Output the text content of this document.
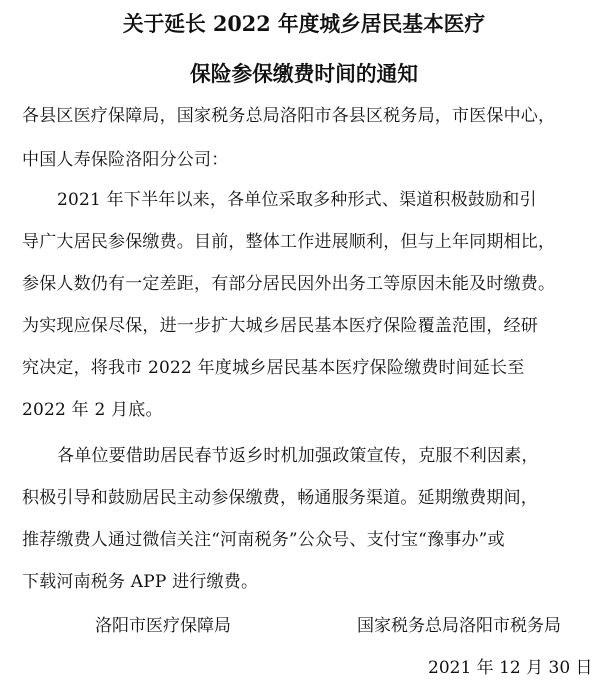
关于延长 2022 年度城乡居民基本医疗
保险参保缴费时间的通知
各县区医疗保障局，国家税务总局洛阳市各县区税务局，市医保中心，
中国人寿保险洛阳分公司：
2021 年下半年以来，各单位采取多种形式、渠道积极鼓励和引
导广大居民参保缴费。目前，整体工作进展顺利，但与上年同期相比，
参保人数仍有一定差距，有部分居民因外出务工等原因未能及时缴费。
为实现应保尽保，进一步扩大城乡居民基本医疗保险覆盖范围，经研
究决定，将我市 2022 年度城乡居民基本医疗保险缴费时间延长至
2022 年 2 月底。
各单位要借助居民春节返乡时机加强政策宣传，克服不利因素，
积极引导和鼓励居民主动参保缴费，畅通服务渠道。延期缴费期间，
推荐缴费人通过微信关注“河南税务”公众号、支付宝“豫事办”或
下载河南税务 APP 进行缴费。
洛阳市医疗保障局	国家税务总局洛阳市税务局
2021 年 12 月 30 日
